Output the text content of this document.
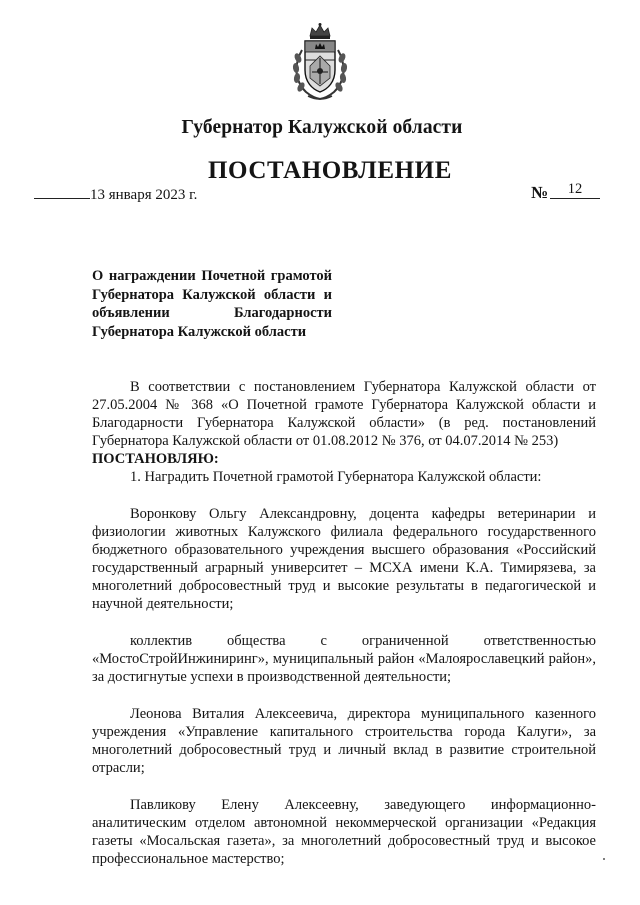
Губернатор Калужской области
ПОСТАНОВЛЕНИЕ
13 января 2023 г.	№	12
О награждении Почетной грамотой Губернатора Калужской области и объявлении Благодарности Губернатора Калужской области

В соответствии с постановлением Губернатора Калужской области от 27.05.2004 № 368 «О Почетной грамоте Губернатора Калужской области и Благодарности Губернатора Калужской области» (в ред. постановлений Губернатора Калужской области от 01.08.2012 № 376, от 04.07.2014 № 253)

ПОСТАНОВЛЯЮ:

1. Наградить Почетной грамотой Губернатора Калужской области:

Воронкову Ольгу Александровну, доцента кафедры ветеринарии и физиологии животных Калужского филиала федерального государственного бюджетного образовательного учреждения высшего образования «Российский государственный аграрный университет – МСХА имени К.А. Тимирязева, за многолетний добросовестный труд и высокие результаты в педагогической и научной деятельности;

коллектив общества с ограниченной ответственностью «МостоСтройИнжиниринг», муниципальный район «Малоярославецкий район», за достигнутые успехи в производственной деятельности;

Леонова Виталия Алексеевича, директора муниципального казенного учреждения «Управление капитального строительства города Калуги», за многолетний добросовестный труд и личный вклад в развитие строительной отрасли;

Павликову Елену Алексеевну, заведующего информационно-аналитическим отделом автономной некоммерческой организации «Редакция газеты «Мосальская газета», за многолетний добросовестный труд и высокое профессиональное мастерство;
